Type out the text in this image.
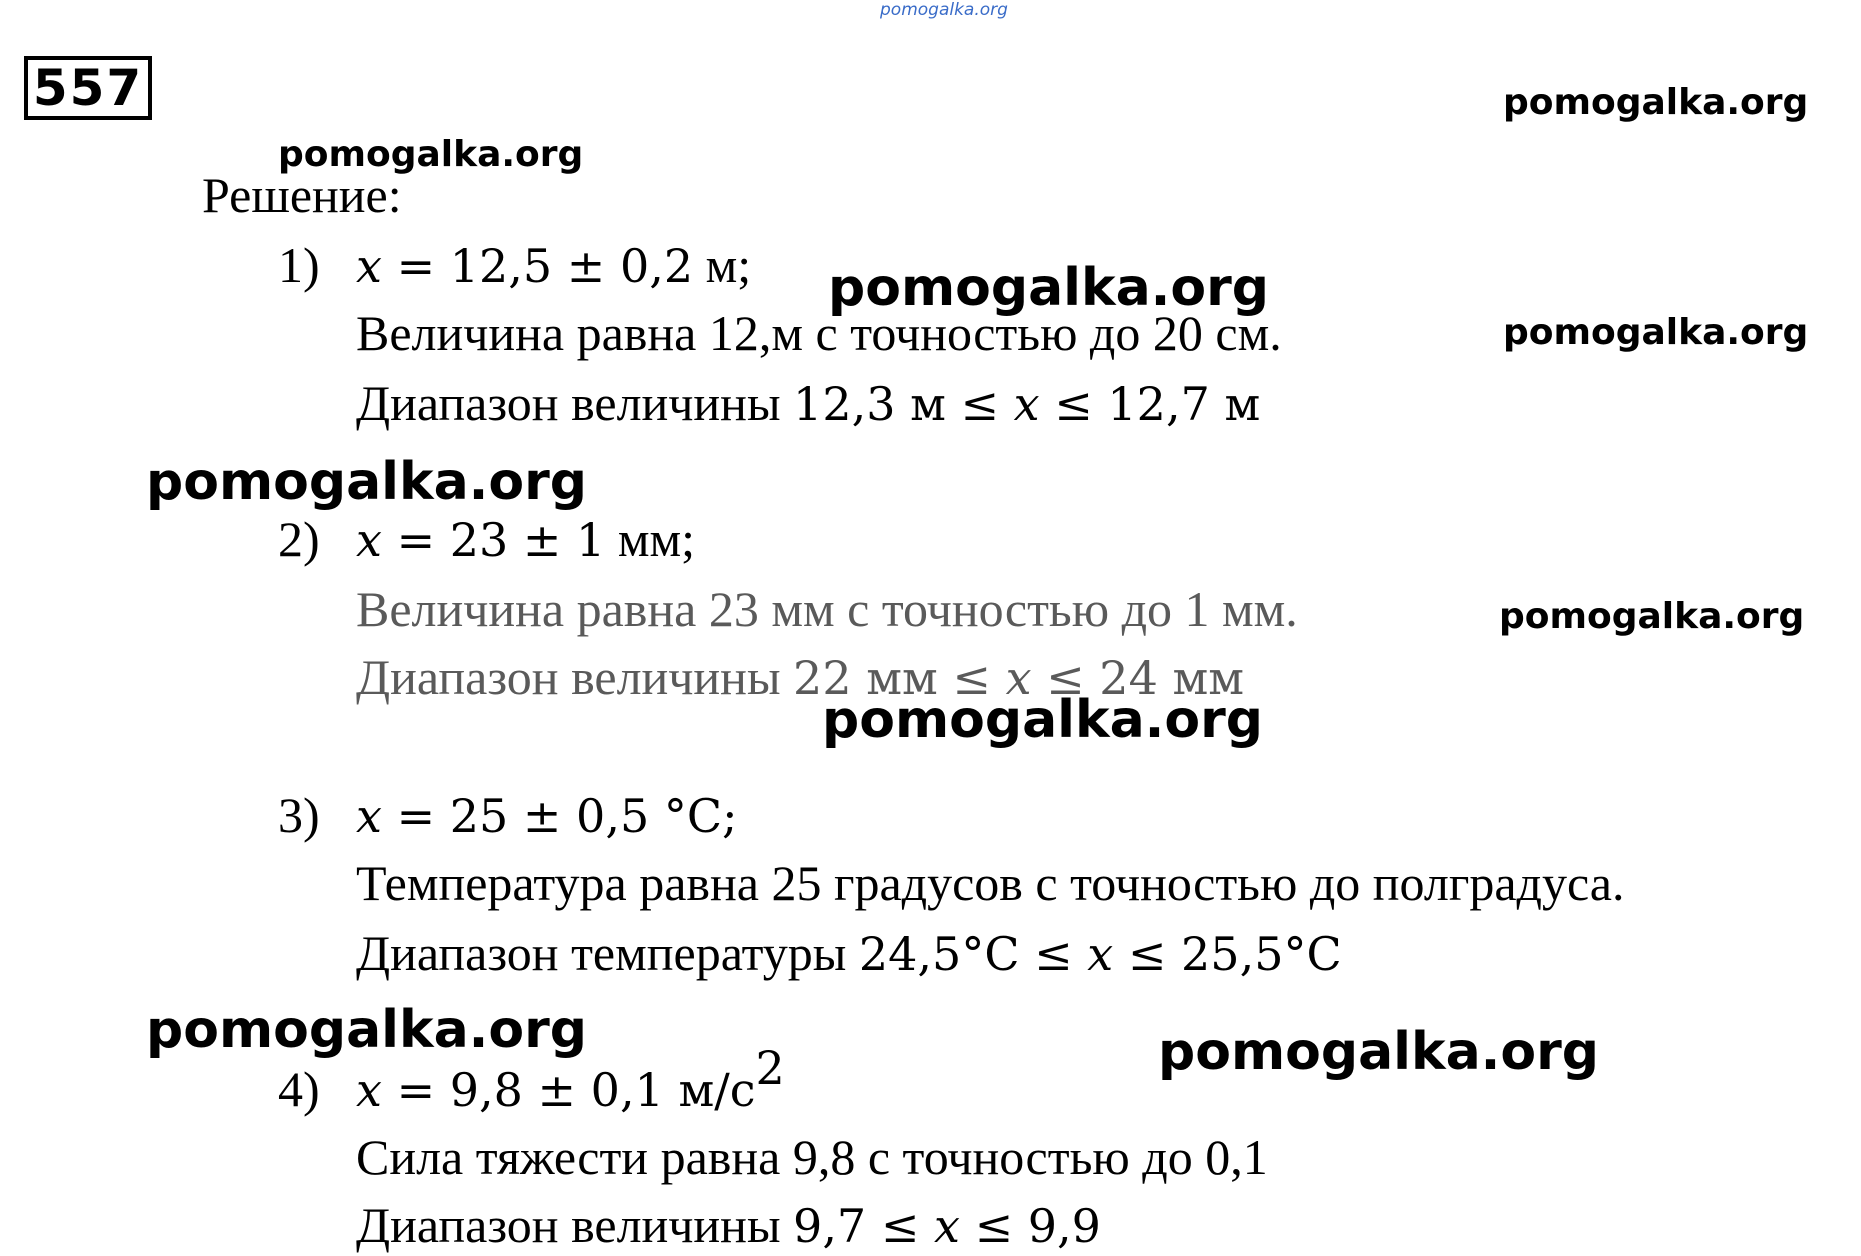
pomogalka.org
pomogalka.org
pomogalka.org
pomogalka.org
pomogalka.org
pomogalka.org
pomogalka.org
pomogalka.org
pomogalka.org	pomogalka.org
557
Решение:
1) x = 12,5 ± 0,2 м;
Величина равна 12,м с точностью до 20 см.
Диапазон величины 12,3 м ≤ x ≤ 12,7 м
2) x = 23 ± 1 мм;
Величина равна 23 мм с точностью до 1 мм.
Диапазон величины 22 мм ≤ x ≤ 24 мм
3) x = 25 ± 0,5 °C;
Температура равна 25 градусов с точностью до полградуса.
Диапазон температуры 24,5°C ≤ x ≤ 25,5°C
4) x = 9,8 ± 0,1 $м/с^2$
Сила тяжести равна 9,8 с точностью до 0,1
Диапазон величины 9,7 ≤ x ≤ 9,9
